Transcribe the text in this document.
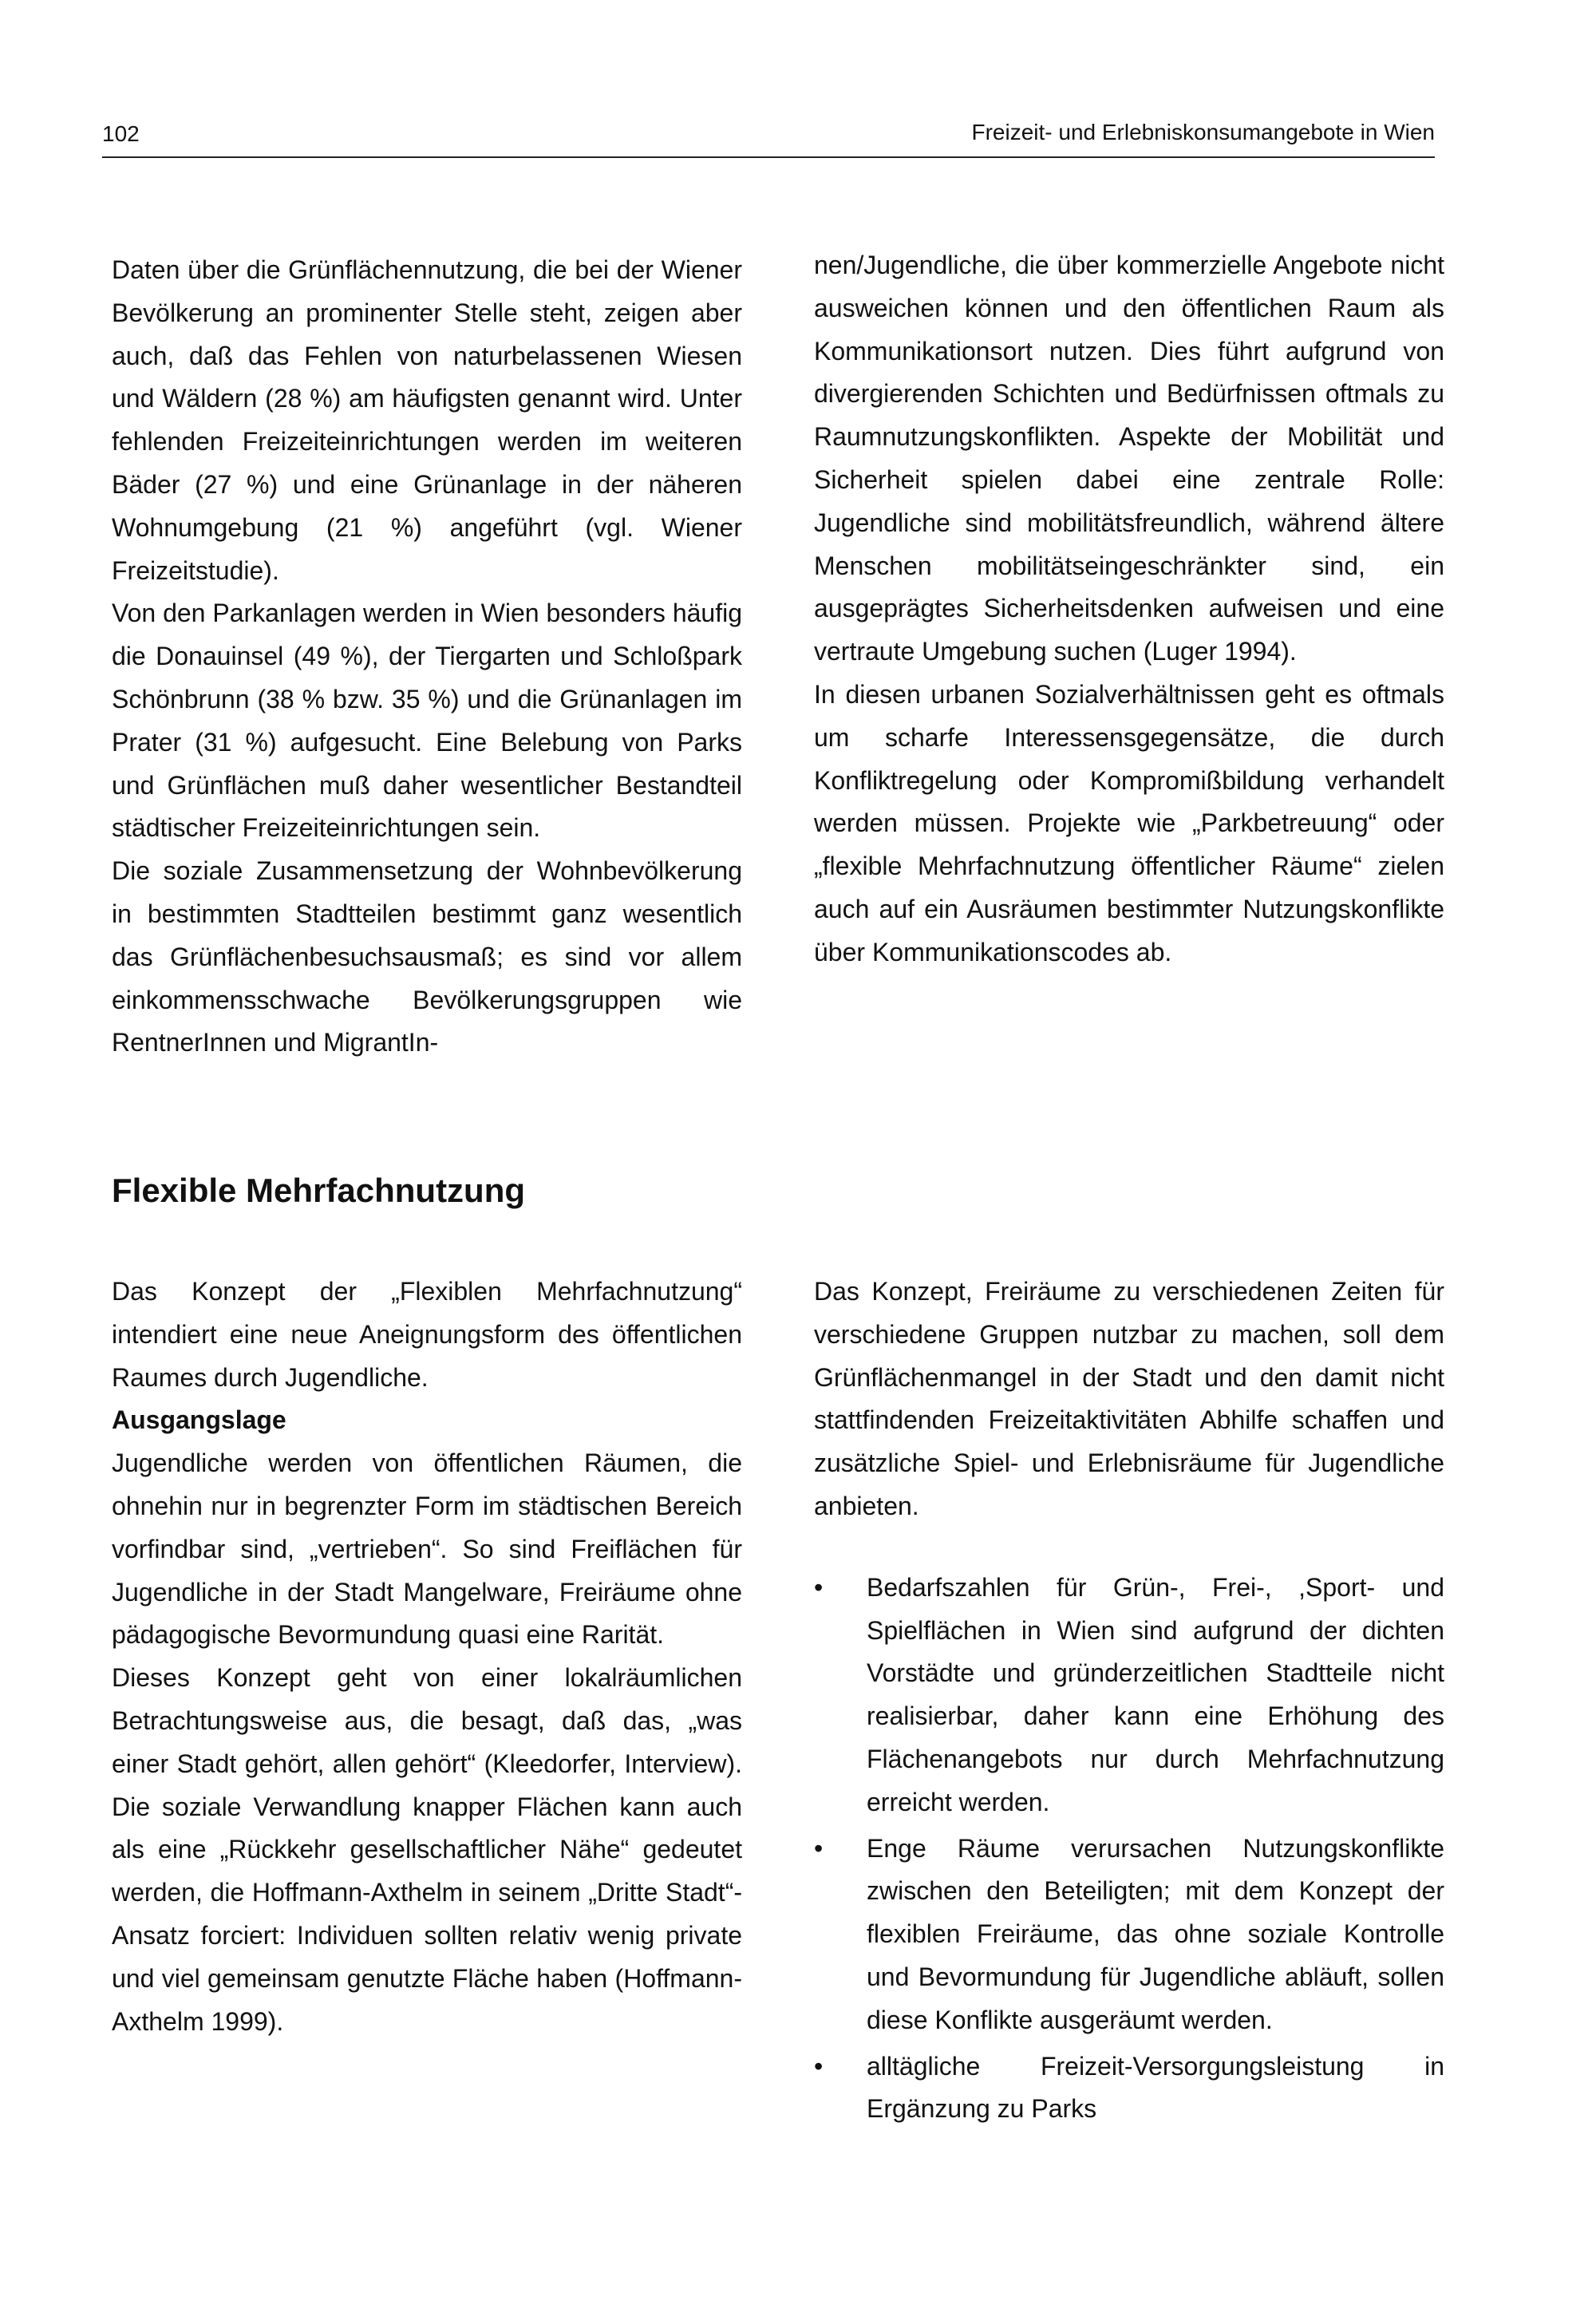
102	Freizeit- und Erlebniskonsumangebote in Wien

Daten über die Grünflächennutzung, die bei der Wiener Bevölkerung an prominenter Stelle steht, zeigen aber auch, daß das Fehlen von naturbelassenen Wiesen und Wäldern (28 %) am häufigsten genannt wird. Unter fehlenden Freizeiteinrichtungen werden im weiteren Bäder (27 %) und eine Grünanlage in der näheren Wohnumgebung (21 %) angeführt (vgl. Wiener Freizeitstudie).

Von den Parkanlagen werden in Wien besonders häufig die Donauinsel (49 %), der Tiergarten und Schloßpark Schönbrunn (38 % bzw. 35 %) und die Grünanlagen im Prater (31 %) aufgesucht. Eine Belebung von Parks und Grünflächen muß daher wesentlicher Bestandteil städtischer Freizeiteinrichtungen sein.

Die soziale Zusammensetzung der Wohnbevölkerung in bestimmten Stadtteilen bestimmt ganz wesentlich das Grünflächenbesuchsausmaß; es sind vor allem einkommensschwache Bevölkerungsgruppen wie RentnerInnen und MigrantIn-

nen/Jugendliche, die über kommerzielle Angebote nicht ausweichen können und den öffentlichen Raum als Kommunikationsort nutzen. Dies führt aufgrund von divergierenden Schichten und Bedürfnissen oftmals zu Raumnutzungskonflikten. Aspekte der Mobilität und Sicherheit spielen dabei eine zentrale Rolle: Jugendliche sind mobilitätsfreundlich, während ältere Menschen mobilitätseingeschränkter sind, ein ausgeprägtes Sicherheitsdenken aufweisen und eine vertraute Umgebung suchen (Luger 1994).

In diesen urbanen Sozialverhältnissen geht es oftmals um scharfe Interessensgegensätze, die durch Konfliktregelung oder Kompromißbildung verhandelt werden müssen. Projekte wie „Parkbetreuung“ oder „flexible Mehrfachnutzung öffentlicher Räume“ zielen auch auf ein Ausräumen bestimmter Nutzungskonflikte über Kommunikationscodes ab.

Flexible Mehrfachnutzung

Das Konzept der „Flexiblen Mehrfachnutzung“ intendiert eine neue Aneignungsform des öffentlichen Raumes durch Jugendliche.

Ausgangslage

Jugendliche werden von öffentlichen Räumen, die ohnehin nur in begrenzter Form im städtischen Bereich vorfindbar sind, „vertrieben“. So sind Freiflächen für Jugendliche in der Stadt Mangelware, Freiräume ohne pädagogische Bevormundung quasi eine Rarität.

Dieses Konzept geht von einer lokalräumlichen Betrachtungsweise aus, die besagt, daß das, „was einer Stadt gehört, allen gehört“ (Kleedorfer, Interview). Die soziale Verwandlung knapper Flächen kann auch als eine „Rückkehr gesellschaftlicher Nähe“ gedeutet werden, die Hoffmann-Axthelm in seinem „Dritte Stadt“-Ansatz forciert: Individuen sollten relativ wenig private und viel gemeinsam genutzte Fläche haben (Hoffmann-Axthelm 1999).

Das Konzept, Freiräume zu verschiedenen Zeiten für verschiedene Gruppen nutzbar zu machen, soll dem Grünflächenmangel in der Stadt und den damit nicht stattfindenden Freizeitaktivitäten Abhilfe schaffen und zusätzliche Spiel- und Erlebnisräume für Jugendliche anbieten.

• Bedarfszahlen für Grün-, Frei-, ,Sport- und Spielflächen in Wien sind aufgrund der dichten Vorstädte und gründerzeitlichen Stadtteile nicht realisierbar, daher kann eine Erhöhung des Flächenangebots nur durch Mehrfachnutzung erreicht werden.
• Enge Räume verursachen Nutzungskonflikte zwischen den Beteiligten; mit dem Konzept der flexiblen Freiräume, das ohne soziale Kontrolle und Bevormundung für Jugendliche abläuft, sollen diese Konflikte ausgeräumt werden.
• alltägliche Freizeit-Versorgungsleistung in Ergänzung zu Parks
